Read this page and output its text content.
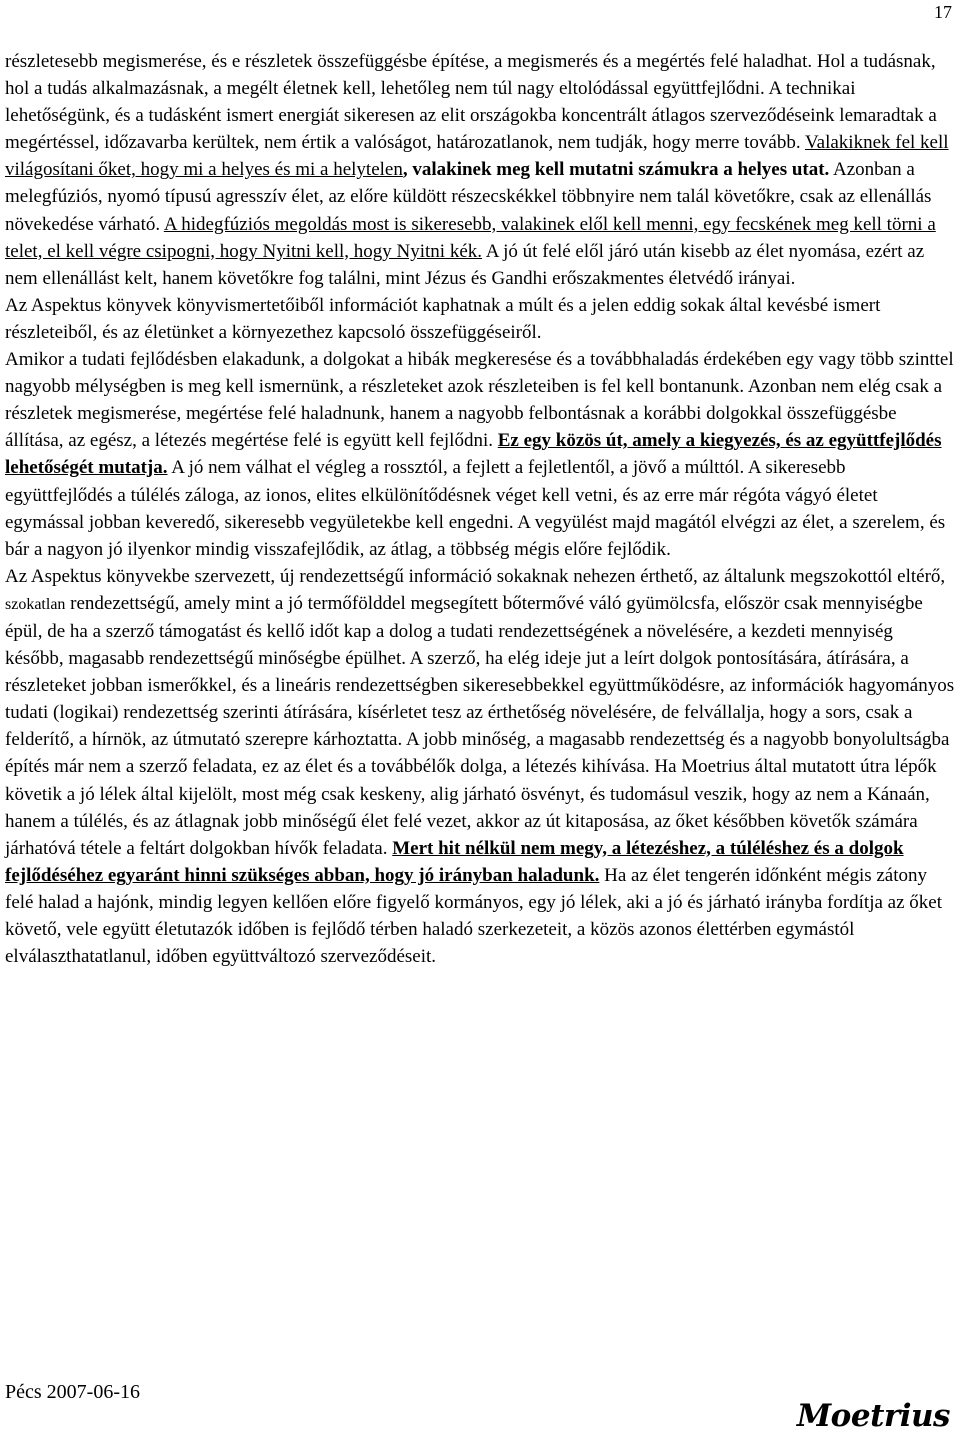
17

részletesebb megismerése, és e részletek összefüggésbe építése, a megismerés és a megértés felé haladhat. Hol a tudásnak, hol a tudás alkalmazásnak, a megélt életnek kell, lehetőleg nem túl nagy eltolódással együttfejlődni. A technikai lehetőségünk, és a tudásként ismert energiát sikeresen az elit országokba koncentrált átlagos szerveződéseink lemaradtak a megértéssel, időzavarba kerültek, nem értik a valóságot, határozatlanok, nem tudják, hogy merre tovább. Valakiknek fel kell világosítani őket, hogy mi a helyes és mi a helytelen, valakinek meg kell mutatni számukra a helyes utat. Azonban a melegfúziós, nyomó típusú agresszív élet, az előre küldött részecskékkel többnyire nem talál követőkre, csak az ellenállás növekedése várható. A hidegfúziós megoldás most is sikeresebb, valakinek elől kell menni, egy fecskének meg kell törni a telet, el kell végre csipogni, hogy Nyitni kell, hogy Nyitni kék. A jó út felé elől járó után kisebb az élet nyomása, ezért az nem ellenállást kelt, hanem követőkre fog találni, mint Jézus és Gandhi erőszakmentes életvédő irányai.

Az Aspektus könyvek könyvismertetőiből információt kaphatnak a múlt és a jelen eddig sokak által kevésbé ismert részleteiből, és az életünket a környezethez kapcsoló összefüggéseiről.

Amikor a tudati fejlődésben elakadunk, a dolgokat a hibák megkeresése és a továbbhaladás érdekében egy vagy több szinttel nagyobb mélységben is meg kell ismernünk, a részleteket azok részleteiben is fel kell bontanunk. Azonban nem elég csak a részletek megismerése, megértése felé haladnunk, hanem a nagyobb felbontásnak a korábbi dolgokkal összefüggésbe állítása, az egész, a létezés megértése felé is együtt kell fejlődni. Ez egy közös út, amely a kiegyezés, és az együttfejlődés lehetőségét mutatja. A jó nem válhat el végleg a rossztól, a fejlett a fejletlentől, a jövő a múlttól. A sikeresebb együttfejlődés a túlélés záloga, az ionos, elites elkülönítődésnek véget kell vetni, és az erre már régóta vágyó életet egymással jobban keveredő, sikeresebb vegyületekbe kell engedni. A vegyülést majd magától elvégzi az élet, a szerelem, és bár a nagyon jó ilyenkor mindig visszafejlődik, az átlag, a többség mégis előre fejlődik.

Az Aspektus könyvekbe szervezett, új rendezettségű információ sokaknak nehezen érthető, az általunk megszokottól eltérő, szokatlan rendezettségű, amely mint a jó termőfölddel megsegített bőtermővé váló gyümölcsfa, először csak mennyiségbe épül, de ha a szerző támogatást és kellő időt kap a dolog a tudati rendezettségének a növelésére, a kezdeti mennyiség később, magasabb rendezettségű minőségbe épülhet. A szerző, ha elég ideje jut a leírt dolgok pontosítására, átírására, a részleteket jobban ismerőkkel, és a lineáris rendezettségben sikeresebbekkel együttműködésre, az információk hagyományos tudati (logikai) rendezettség szerinti átírására, kísérletet tesz az érthetőség növelésére, de felvállalja, hogy a sors, csak a felderítő, a hírnök, az útmutató szerepre kárhoztatta. A jobb minőség, a magasabb rendezettség és a nagyobb bonyolultságba építés már nem a szerző feladata, ez az élet és a továbbélők dolga, a létezés kihívása. Ha Moetrius által mutatott útra lépők követik a jó lélek által kijelölt, most még csak keskeny, alig járható ösvényt, és tudomásul veszik, hogy az nem a Kánaán, hanem a túlélés, és az átlagnak jobb minőségű élet felé vezet, akkor az út kitaposása, az őket későbben követők számára járhatóvá tétele a feltárt dolgokban hívők feladata. Mert hit nélkül nem megy, a létezéshez, a túléléshez és a dolgok fejlődéséhez egyaránt hinni szükséges abban, hogy jó irányban haladunk. Ha az élet tengerén időnként mégis zátony felé halad a hajónk, mindig legyen kellően előre figyelő kormányos, egy jó lélek, aki a jó és járható irányba fordítja az őket követő, vele együtt életutazók időben is fejlődő térben haladó szerkezeteit, a közös azonos élettérben egymástól elválaszthatatlanul, időben együttváltozó szerveződéseit.

Pécs 2007-06-16
Moetrius
